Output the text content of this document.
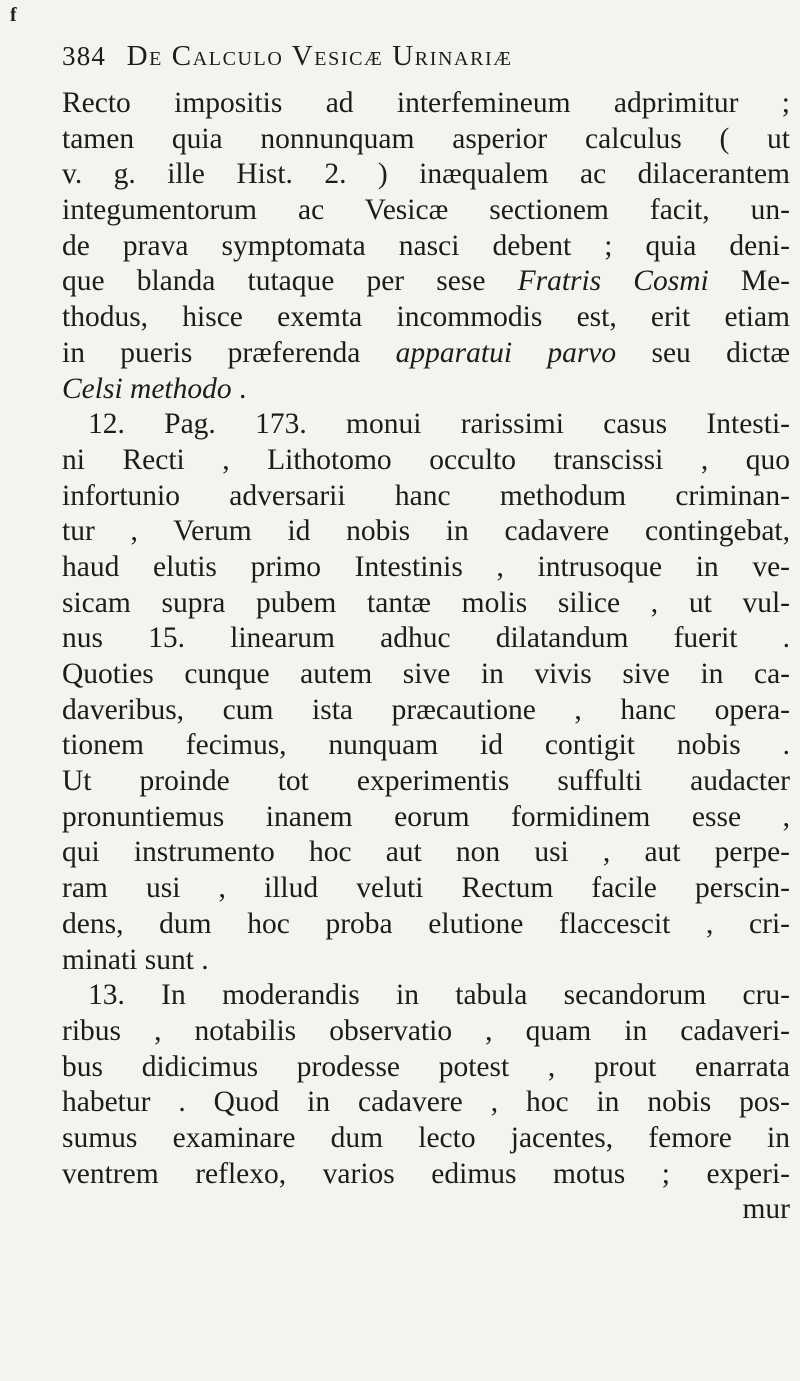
f
384 De Calculo Vesicæ Urinariæ
Recto impositis ad interfemineum adprimitur ;
tamen quia nonnunquam asperior calculus ( ut
v. g. ille Hist. 2. ) inæqualem ac dilacerantem
integumentorum ac Vesicæ sectionem facit, un-
de prava symptomata nasci debent ; quia deni-
que blanda tutaque per sese Fratris Cosmi Me-
thodus, hisce exemta incommodis est, erit etiam
in pueris præferenda apparatui parvo seu dictæ
Celsi methodo .
12. Pag. 173. monui rarissimi casus Intesti-
ni Recti , Lithotomo occulto transcissi , quo
infortunio adversarii hanc methodum criminan-
tur , Verum id nobis in cadavere contingebat,
haud elutis primo Intestinis , intrusoque in ve-
sicam supra pubem tantæ molis silice , ut vul-
nus 15. linearum adhuc dilatandum fuerit .
Quoties cunque autem sive in vivis sive in ca-
daveribus, cum ista præcautione , hanc opera-
tionem fecimus, nunquam id contigit nobis .
Ut proinde tot experimentis suffulti audacter
pronuntiemus inanem eorum formidinem esse ,
qui instrumento hoc aut non usi , aut perpe-
ram usi , illud veluti Rectum facile perscin-
dens, dum hoc proba elutione flaccescit , cri-
minati sunt .
13. In moderandis in tabula secandorum cru-
ribus , notabilis observatio , quam in cadaveri-
bus didicimus prodesse potest , prout enarrata
habetur . Quod in cadavere , hoc in nobis pos-
sumus examinare dum lecto jacentes, femore in
ventrem reflexo, varios edimus motus ; experi-
mur
